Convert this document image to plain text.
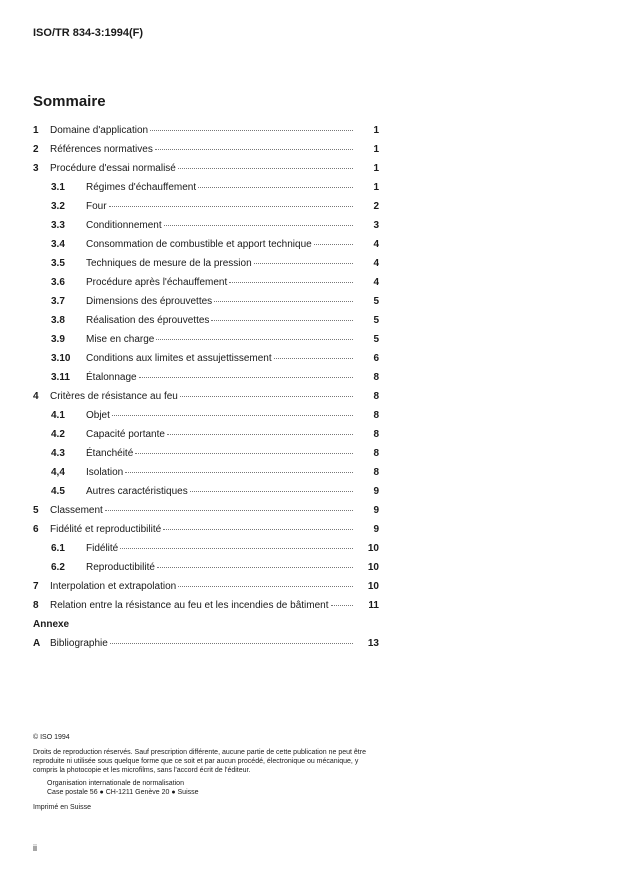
ISO/TR 834-3:1994(F)
Sommaire
1 Domaine d'application	1
2 Références normatives	1
3 Procédure d'essai normalisé	1
3.1 Régimes d'échauffement	1
3.2 Four	2
3.3 Conditionnement	3
3.4 Consommation de combustible et apport technique	4
3.5 Techniques de mesure de la pression	4
3.6 Procédure après l'échauffement	4
3.7 Dimensions des éprouvettes	5
3.8 Réalisation des éprouvettes	5
3.9 Mise en charge	5
3.10 Conditions aux limites et assujettissement	6
3.11 Étalonnage	8
4 Critères de résistance au feu	8
4.1 Objet	8
4.2 Capacité portante	8
4.3 Étanchéité	8
4,4 Isolation	8
4.5 Autres caractéristiques	9
5 Classement	9
6 Fidélité et reproductibilité	9
6.1 Fidélité	10
6.2 Reproductibilité	10
7 Interpolation et extrapolation	10
8 Relation entre la résistance au feu et les incendies de bâtiment	11
Annexe
A Bibliographie	13

© ISO 1994

Droits de reproduction réservés. Sauf prescription différente, aucune partie de cette publication ne peut être reproduite ni utilisée sous quelque forme que ce soit et par aucun procédé, électronique ou mécanique, y compris la photocopie et les microfilms, sans l'accord écrit de l'éditeur.

Organisation internationale de normalisation

Case postale 56 ● CH-1211 Genève 20 ● Suisse

Imprimé en Suisse

ii
